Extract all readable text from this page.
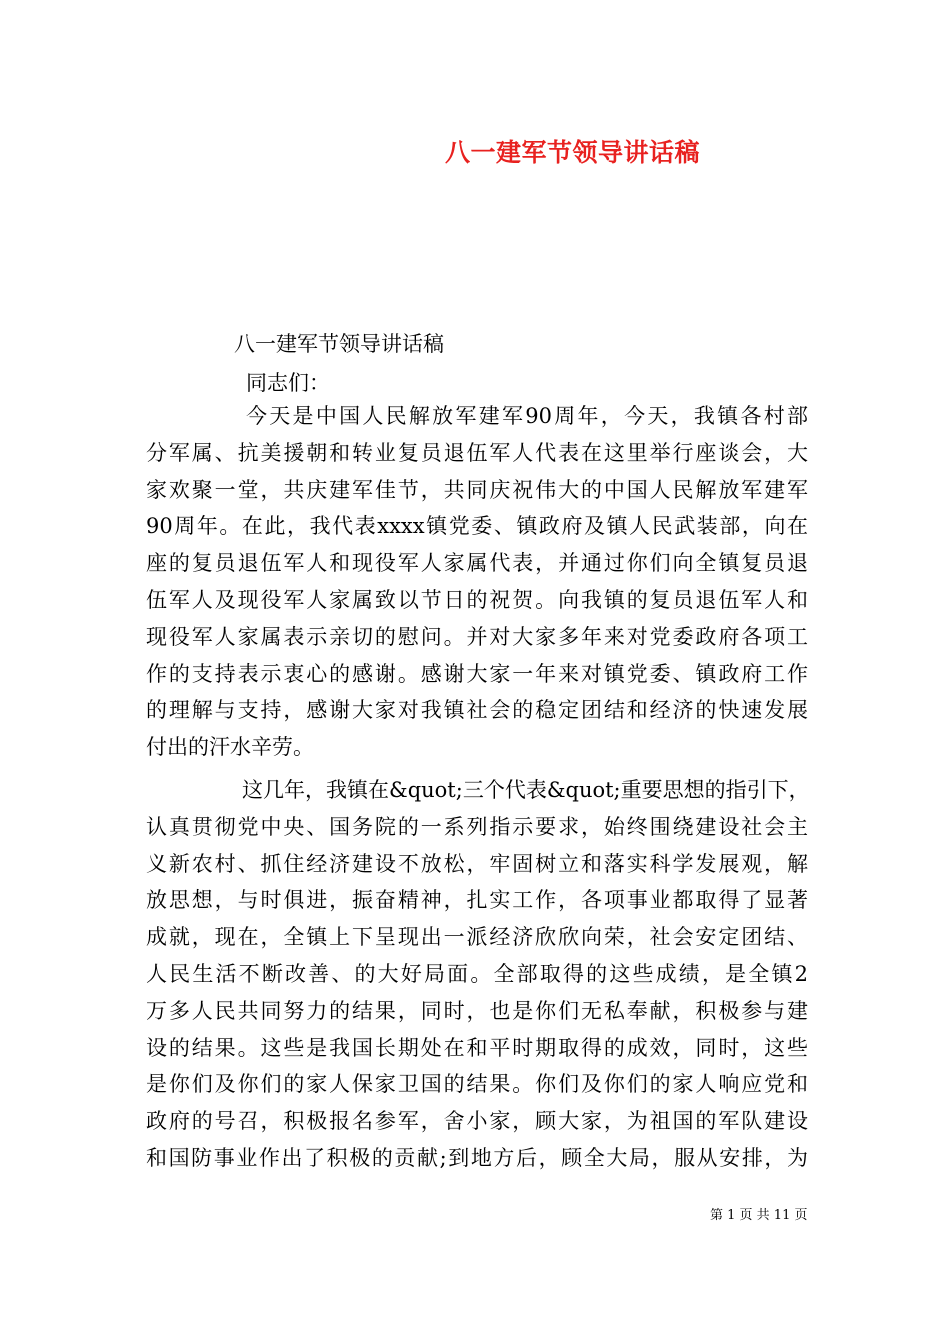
八一建军节领导讲话稿
八一建军节领导讲话稿
同志们：
今天是中国人民解放军建军90周年，今天，我镇各村部
分军属、抗美援朝和转业复员退伍军人代表在这里举行座谈会，大
家欢聚一堂，共庆建军佳节，共同庆祝伟大的中国人民解放军建军
90周年。在此，我代表xxxx镇党委、镇政府及镇人民武装部，向在
座的复员退伍军人和现役军人家属代表，并通过你们向全镇复员退
伍军人及现役军人家属致以节日的祝贺。向我镇的复员退伍军人和
现役军人家属表示亲切的慰问。并对大家多年来对党委政府各项工
作的支持表示衷心的感谢。感谢大家一年来对镇党委、镇政府工作
的理解与支持，感谢大家对我镇社会的稳定团结和经济的快速发展
付出的汗水辛劳。
这几年，我镇在&quot;三个代表&quot;重要思想的指引下，
认真贯彻党中央、国务院的一系列指示要求，始终围绕建设社会主
义新农村、抓住经济建设不放松，牢固树立和落实科学发展观，解
放思想，与时俱进，振奋精神，扎实工作，各项事业都取得了显著
成就，现在，全镇上下呈现出一派经济欣欣向荣，社会安定团结、
人民生活不断改善、的大好局面。全部取得的这些成绩，是全镇2
万多人民共同努力的结果，同时，也是你们无私奉献，积极参与建
设的结果。这些是我国长期处在和平时期取得的成效，同时，这些
是你们及你们的家人保家卫国的结果。你们及你们的家人响应党和
政府的号召，积极报名参军，舍小家，顾大家，为祖国的军队建设
和国防事业作出了积极的贡献;到地方后，顾全大局，服从安排，为
第 1 页 共 11 页
